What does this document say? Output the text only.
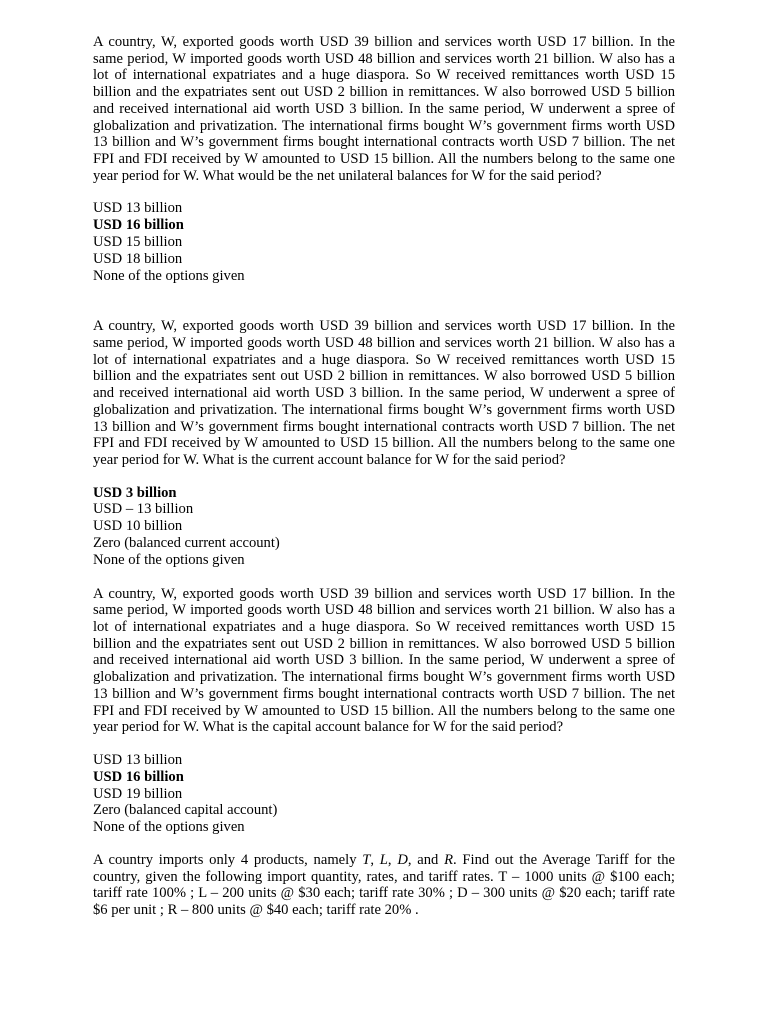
A country, W, exported goods worth USD 39 billion and services worth USD 17 billion. In the same period, W imported goods worth USD 48 billion and services worth 21 billion. W also has a lot of international expatriates and a huge diaspora. So W received remittances worth USD 15 billion and the expatriates sent out USD 2 billion in remittances. W also borrowed USD 5 billion and received international aid worth USD 3 billion. In the same period, W underwent a spree of globalization and privatization. The international firms bought W’s government firms worth USD 13 billion and W’s government firms bought international contracts worth USD 7 billion. The net FPI and FDI received by W amounted to USD 15 billion. All the numbers belong to the same one year period for W. What would be the net unilateral balances for W for the said period?

USD 13 billion
USD 16 billion
USD 15 billion
USD 18 billion
None of the options given

A country, W, exported goods worth USD 39 billion and services worth USD 17 billion. In the same period, W imported goods worth USD 48 billion and services worth 21 billion. W also has a lot of international expatriates and a huge diaspora. So W received remittances worth USD 15 billion and the expatriates sent out USD 2 billion in remittances. W also borrowed USD 5 billion and received international aid worth USD 3 billion. In the same period, W underwent a spree of globalization and privatization. The international firms bought W’s government firms worth USD 13 billion and W’s government firms bought international contracts worth USD 7 billion. The net FPI and FDI received by W amounted to USD 15 billion. All the numbers belong to the same one year period for W. What is the current account balance for W for the said period?

USD 3 billion
USD – 13 billion
USD 10 billion
Zero (balanced current account)
None of the options given

A country, W, exported goods worth USD 39 billion and services worth USD 17 billion. In the same period, W imported goods worth USD 48 billion and services worth 21 billion. W also has a lot of international expatriates and a huge diaspora. So W received remittances worth USD 15 billion and the expatriates sent out USD 2 billion in remittances. W also borrowed USD 5 billion and received international aid worth USD 3 billion. In the same period, W underwent a spree of globalization and privatization. The international firms bought W’s government firms worth USD 13 billion and W’s government firms bought international contracts worth USD 7 billion. The net FPI and FDI received by W amounted to USD 15 billion. All the numbers belong to the same one year period for W. What is the capital account balance for W for the said period?

USD 13 billion
USD 16 billion
USD 19 billion
Zero (balanced capital account)
None of the options given

A country imports only 4 products, namely T, L, D, and R. Find out the Average Tariff for the country, given the following import quantity, rates, and tariff rates. T – 1000 units @ $100 each; tariff rate 100% ; L – 200 units @ $30 each; tariff rate 30% ; D – 300 units @ $20 each; tariff rate $6 per unit ; R – 800 units @ $40 each; tariff rate 20% .
